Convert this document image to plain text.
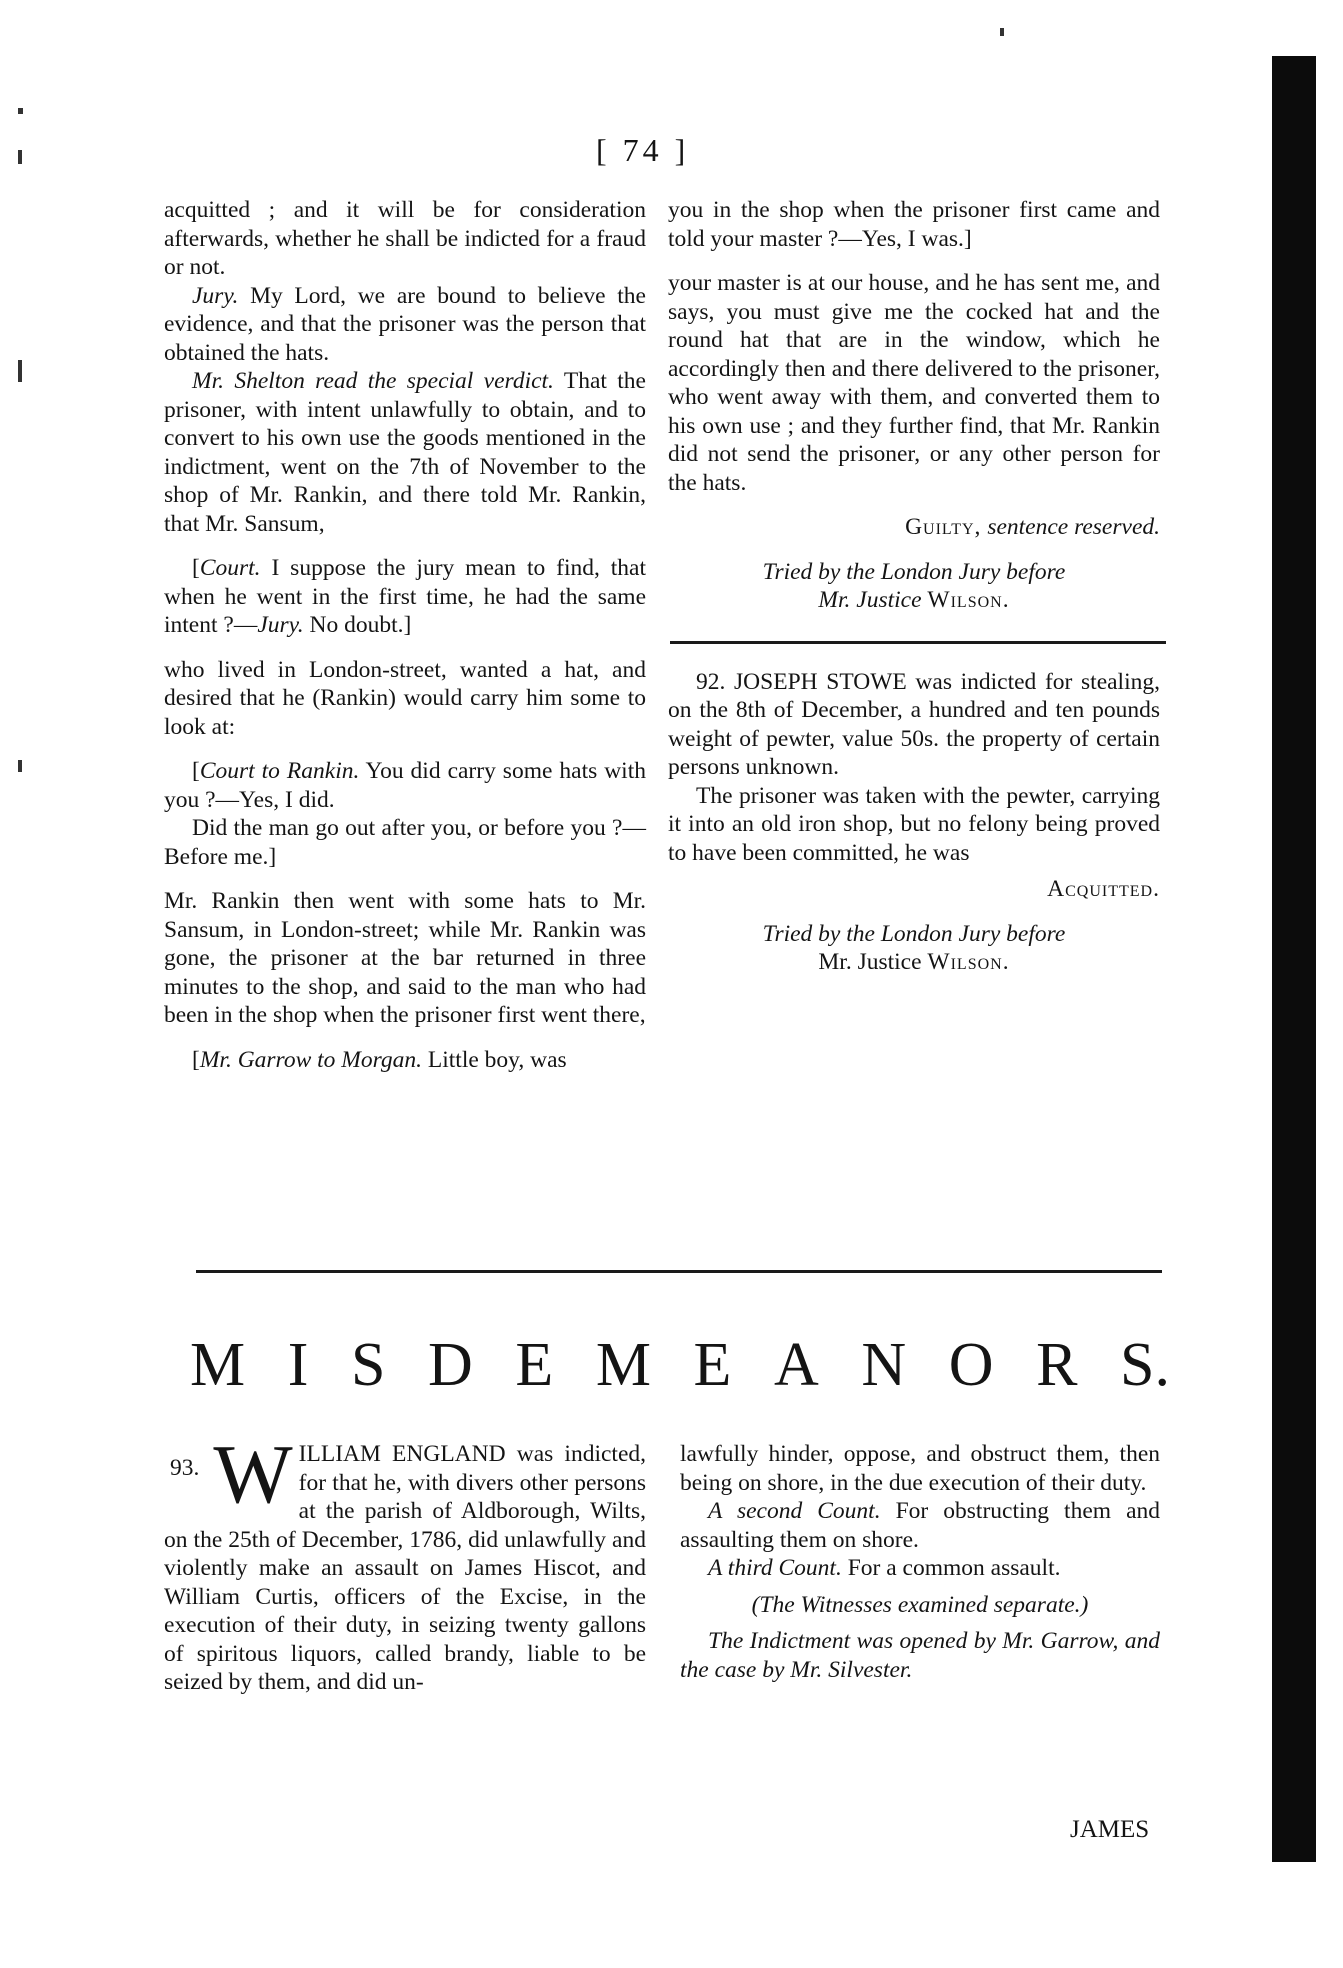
[ 74 ]

acquitted ; and it will be for consideration afterwards, whether he shall be indicted for a fraud or not.

Jury. My Lord, we are bound to believe the evidence, and that the prisoner was the person that obtained the hats.

Mr. Shelton read the special verdict. That the prisoner, with intent unlawfully to obtain, and to convert to his own use the goods mentioned in the indictment, went on the 7th of November to the shop of Mr. Rankin, and there told Mr. Rankin, that Mr. Sansum,

[Court. I suppose the jury mean to find, that when he went in the first time, he had the same intent ?—Jury. No doubt.]

who lived in London-street, wanted a hat, and desired that he (Rankin) would carry him some to look at:

[Court to Rankin. You did carry some hats with you ?—Yes, I did.

Did the man go out after you, or before you ?—Before me.]

Mr. Rankin then went with some hats to Mr. Sansum, in London-street; while Mr. Rankin was gone, the prisoner at the bar returned in three minutes to the shop, and said to the man who had been in the shop when the prisoner first went there,

[Mr. Garrow to Morgan. Little boy, was

you in the shop when the prisoner first came and told your master ?—Yes, I was.]

your master is at our house, and he has sent me, and says, you must give me the cocked hat and the round hat that are in the window, which he accordingly then and there delivered to the prisoner, who went away with them, and converted them to his own use ; and they further find, that Mr. Rankin did not send the prisoner, or any other person for the hats.

Guilty, sentence reserved.

Tried by the London Jury before

Mr. Justice Wilson.

92. JOSEPH STOWE was indicted for stealing, on the 8th of December, a hundred and ten pounds weight of pewter, value 50s. the property of certain persons unknown.

The prisoner was taken with the pewter, carrying it into an old iron shop, but no felony being proved to have been committed, he was

Acquitted.

Tried by the London Jury before

Mr. Justice Wilson.

M I S D E M E A N O R S.

93. W ILLIAM ENGLAND was indicted, for that he, with divers other persons at the parish of Aldborough, Wilts, on the 25th of December, 1786, did unlawfully and violently make an assault on James Hiscot, and William Curtis, officers of the Excise, in the execution of their duty, in seizing twenty gallons of spiritous liquors, called brandy, liable to be seized by them, and did un-

lawfully hinder, oppose, and obstruct them, then being on shore, in the due execution of their duty.

A second Count. For obstructing them and assaulting them on shore.

A third Count. For a common assault.

(The Witnesses examined separate.)

The Indictment was opened by Mr. Garrow, and the case by Mr. Silvester.

JAMES
